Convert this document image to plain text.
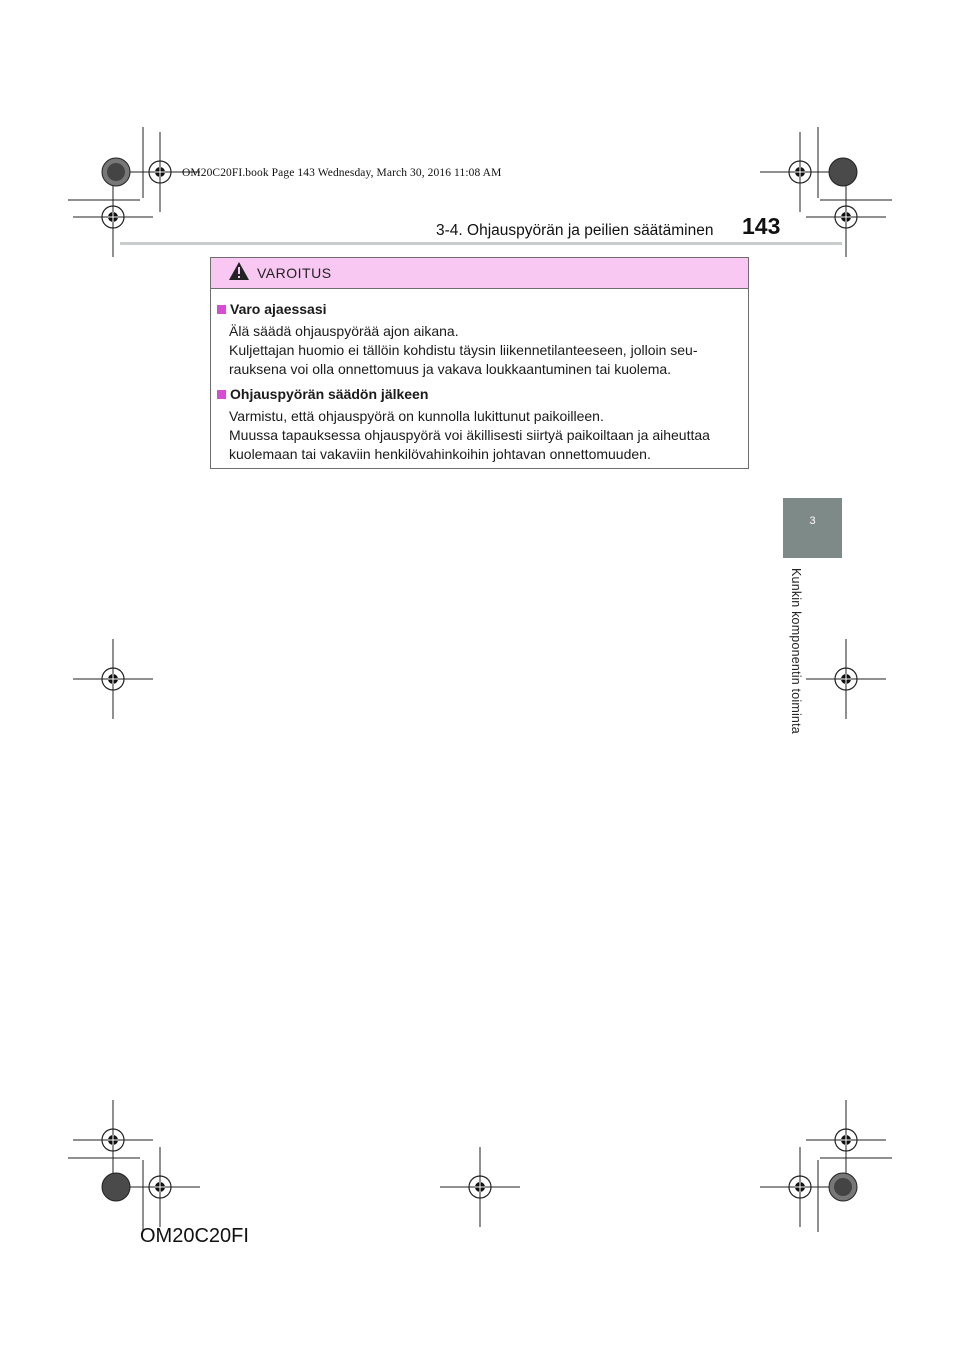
OM20C20FI.book Page 143 Wednesday, March 30, 2016 11:08 AM
143
3-4. Ohjauspyörän ja peilien säätäminen
3
Kunkin komponentin toiminta
VAROITUS
Varo ajaessasi
Älä säädä ohjauspyörää ajon aikana.
Kuljettajan huomio ei tällöin kohdistu täysin liikennetilanteeseen, jolloin seu-
rauksena voi olla onnettomuus ja vakava loukkaantuminen tai kuolema.
Ohjauspyörän säädön jälkeen
Varmistu, että ohjauspyörä on kunnolla lukittunut paikoilleen.
Muussa tapauksessa ohjauspyörä voi äkillisesti siirtyä paikoiltaan ja aiheuttaa
kuolemaan tai vakaviin henkilövahinkoihin johtavan onnettomuuden.
OM20C20FI
